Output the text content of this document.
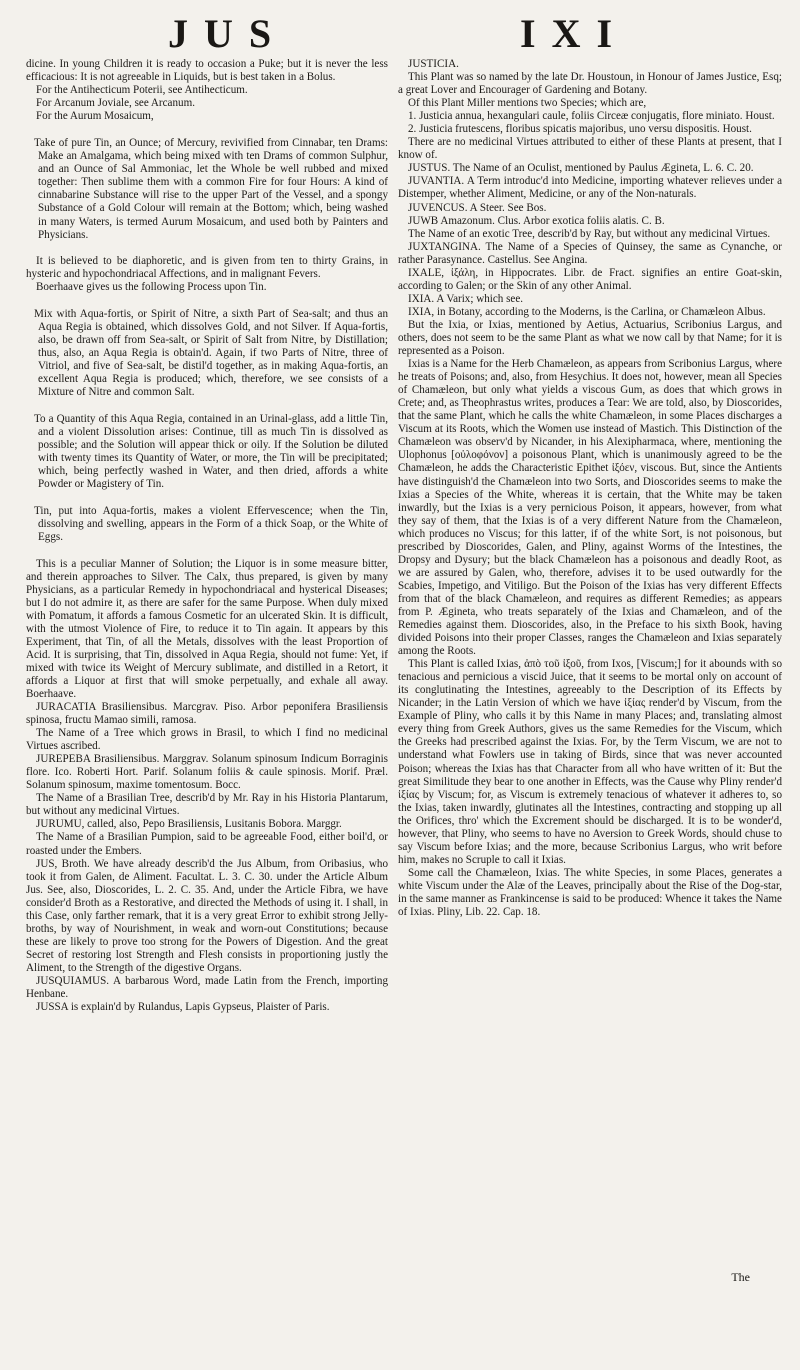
JUS	IXI

dicine. In young Children it is ready to occasion a Puke; but it is never the less efficacious: It is not agreeable in Liquids, but is best taken in a Bolus.

For the Antihecticum Poterii, see Antihecticum.

For Arcanum Joviale, see Arcanum.

For the Aurum Mosaicum,

Take of pure Tin, an Ounce; of Mercury, revivified from Cinnabar, ten Drams: Make an Amalgama, which being mixed with ten Drams of common Sulphur, and an Ounce of Sal Ammoniac, let the Whole be well rubbed and mixed together: Then sublime them with a common Fire for four Hours: A kind of cinnabarine Substance will rise to the upper Part of the Vessel, and a spongy Substance of a Gold Colour will remain at the Bottom; which, being washed in many Waters, is termed Aurum Mosaicum, and used both by Painters and Physicians.

It is believed to be diaphoretic, and is given from ten to thirty Grains, in hysteric and hypochondriacal Affections, and in malignant Fevers.

Boerhaave gives us the following Process upon Tin.

Mix with Aqua-fortis, or Spirit of Nitre, a sixth Part of Sea-salt; and thus an Aqua Regia is obtained, which dissolves Gold, and not Silver. If Aqua-fortis, also, be drawn off from Sea-salt, or Spirit of Salt from Nitre, by Distillation; thus, also, an Aqua Regia is obtain'd. Again, if two Parts of Nitre, three of Vitriol, and five of Sea-salt, be distil'd together, as in making Aqua-fortis, an excellent Aqua Regia is produced; which, therefore, we see consists of a Mixture of Nitre and common Salt.

To a Quantity of this Aqua Regia, contained in an Urinal-glass, add a little Tin, and a violent Dissolution arises: Continue, till as much Tin is dissolved as possible; and the Solution will appear thick or oily. If the Solution be diluted with twenty times its Quantity of Water, or more, the Tin will be precipitated; which, being perfectly washed in Water, and then dried, affords a white Powder or Magistery of Tin.

Tin, put into Aqua-fortis, makes a violent Effervescence; when the Tin, dissolving and swelling, appears in the Form of a thick Soap, or the White of Eggs.

This is a peculiar Manner of Solution; the Liquor is in some measure bitter, and therein approaches to Silver. The Calx, thus prepared, is given by many Physicians, as a particular Remedy in hypochondriacal and hysterical Diseases; but I do not admire it, as there are safer for the same Purpose. When duly mixed with Pomatum, it affords a famous Cosmetic for an ulcerated Skin. It is difficult, with the utmost Violence of Fire, to reduce it to Tin again. It appears by this Experiment, that Tin, of all the Metals, dissolves with the least Proportion of Acid. It is surprising, that Tin, dissolved in Aqua Regia, should not fume: Yet, if mixed with twice its Weight of Mercury sublimate, and distilled in a Retort, it affords a Liquor at first that will smoke perpetually, and exhale all away. Boerhaave.

JURACATIA Brasiliensibus. Marcgrav. Piso. Arbor peponifera Brasiliensis spinosa, fructu Mamao simili, ramosa.

The Name of a Tree which grows in Brasil, to which I find no medicinal Virtues ascribed.

JUREPEBA Brasiliensibus. Marggrav. Solanum spinosum Indicum Borraginis flore. Ico. Roberti Hort. Parif. Solanum foliis & caule spinosis. Morif. Præl. Solanum spinosum, maxime tomentosum. Bocc.

The Name of a Brasilian Tree, describ'd by Mr. Ray in his Historia Plantarum, but without any medicinal Virtues.

JURUMU, called, also, Pepo Brasiliensis, Lusitanis Bobora. Marggr.

The Name of a Brasilian Pumpion, said to be agreeable Food, either boil'd, or roasted under the Embers.

JUS, Broth. We have already describ'd the Jus Album, from Oribasius, who took it from Galen, de Aliment. Facultat. L. 3. C. 30. under the Article Album Jus. See, also, Dioscorides, L. 2. C. 35. And, under the Article Fibra, we have consider'd Broth as a Restorative, and directed the Methods of using it. I shall, in this Case, only farther remark, that it is a very great Error to exhibit strong Jelly-broths, by way of Nourishment, in weak and worn-out Constitutions; because these are likely to prove too strong for the Powers of Digestion. And the great Secret of restoring lost Strength and Flesh consists in proportioning justly the Aliment, to the Strength of the digestive Organs.

JUSQUIAMUS. A barbarous Word, made Latin from the French, importing Henbane.

JUSSA is explain'd by Rulandus, Lapis Gypseus, Plaister of Paris.

JUSTICIA.

This Plant was so named by the late Dr. Houstoun, in Honour of James Justice, Esq; a great Lover and Encourager of Gardening and Botany.

Of this Plant Miller mentions two Species; which are,

1. Justicia annua, hexangulari caule, foliis Circeæ conjugatis, flore miniato. Houst.

2. Justicia frutescens, floribus spicatis majoribus, uno versu dispositis. Houst.

There are no medicinal Virtues attributed to either of these Plants at present, that I know of.

JUSTUS. The Name of an Oculist, mentioned by Paulus Ægineta, L. 6. C. 20.

JUVANTIA. A Term introduc'd into Medicine, importing whatever relieves under a Distemper, whether Aliment, Medicine, or any of the Non-naturals.

JUVENCUS. A Steer. See Bos.

JUWB Amazonum. Clus. Arbor exotica foliis alatis. C. B.

The Name of an exotic Tree, describ'd by Ray, but without any medicinal Virtues.

JUXTANGINA. The Name of a Species of Quinsey, the same as Cynanche, or rather Parasynance. Castellus. See Angina.

IXALE, ἰξάλη, in Hippocrates. Libr. de Fract. signifies an entire Goat-skin, according to Galen; or the Skin of any other Animal.

IXIA. A Varix; which see.

IXIA, in Botany, according to the Moderns, is the Carlina, or Chamæleon Albus.

But the Ixia, or Ixias, mentioned by Aetius, Actuarius, Scribonius Largus, and others, does not seem to be the same Plant as what we now call by that Name; for it is represented as a Poison.

Ixias is a Name for the Herb Chamæleon, as appears from Scribonius Largus, where he treats of Poisons; and, also, from Hesychius. It does not, however, mean all Species of Chamæleon, but only what yields a viscous Gum, as does that which grows in Crete; and, as Theophrastus writes, produces a Tear: We are told, also, by Dioscorides, that the same Plant, which he calls the white Chamæleon, in some Places discharges a Viscum at its Roots, which the Women use instead of Mastich. This Distinction of the Chamæleon was observ'd by Nicander, in his Alexipharmaca, where, mentioning the Ulophonus [οὐλοφόνον] a poisonous Plant, which is unanimously agreed to be the Chamæleon, he adds the Characteristic Epithet ἰξόεν, viscous. But, since the Antients have distinguish'd the Chamæleon into two Sorts, and Dioscorides seems to make the Ixias a Species of the White, whereas it is certain, that the White may be taken inwardly, but the Ixias is a very pernicious Poison, it appears, however, from what they say of them, that the Ixias is of a very different Nature from the Chamæleon, which produces no Viscus; for this latter, if of the white Sort, is not poisonous, but prescribed by Dioscorides, Galen, and Pliny, against Worms of the Intestines, the Dropsy and Dysury; but the black Chamæleon has a poisonous and deadly Root, as we are assured by Galen, who, therefore, advises it to be used outwardly for the Scabies, Impetigo, and Vitiligo. But the Poison of the Ixias has very different Effects from that of the black Chamæleon, and requires as different Remedies; as appears from P. Ægineta, who treats separately of the Ixias and Chamæleon, and of the Remedies against them. Dioscorides, also, in the Preface to his sixth Book, having divided Poisons into their proper Classes, ranges the Chamæleon and Ixias separately among the Roots.

This Plant is called Ixias, ἀπὸ τοῦ ἰξοῦ, from Ixos, [Viscum;] for it abounds with so tenacious and pernicious a viscid Juice, that it seems to be mortal only on account of its conglutinating the Intestines, agreeably to the Description of its Effects by Nicander; in the Latin Version of which we have ἰξίας render'd by Viscum, from the Example of Pliny, who calls it by this Name in many Places; and, translating almost every thing from Greek Authors, gives us the same Remedies for the Viscum, which the Greeks had prescribed against the Ixias. For, by the Term Viscum, we are not to understand what Fowlers use in taking of Birds, since that was never accounted Poison; whereas the Ixias has that Character from all who have written of it: But the great Similitude they bear to one another in Effects, was the Cause why Pliny render'd ἰξίας by Viscum; for, as Viscum is extremely tenacious of whatever it adheres to, so the Ixias, taken inwardly, glutinates all the Intestines, contracting and stopping up all the Orifices, thro' which the Excrement should be discharged. It is to be wonder'd, however, that Pliny, who seems to have no Aversion to Greek Words, should chuse to say Viscum before Ixias; and the more, because Scribonius Largus, who writ before him, makes no Scruple to call it Ixias.

Some call the Chamæleon, Ixias. The white Species, in some Places, generates a white Viscum under the Alæ of the Leaves, principally about the Rise of the Dog-star, in the same manner as Frankincense is said to be produced: Whence it takes the Name of Ixias. Pliny, Lib. 22. Cap. 18.

The
